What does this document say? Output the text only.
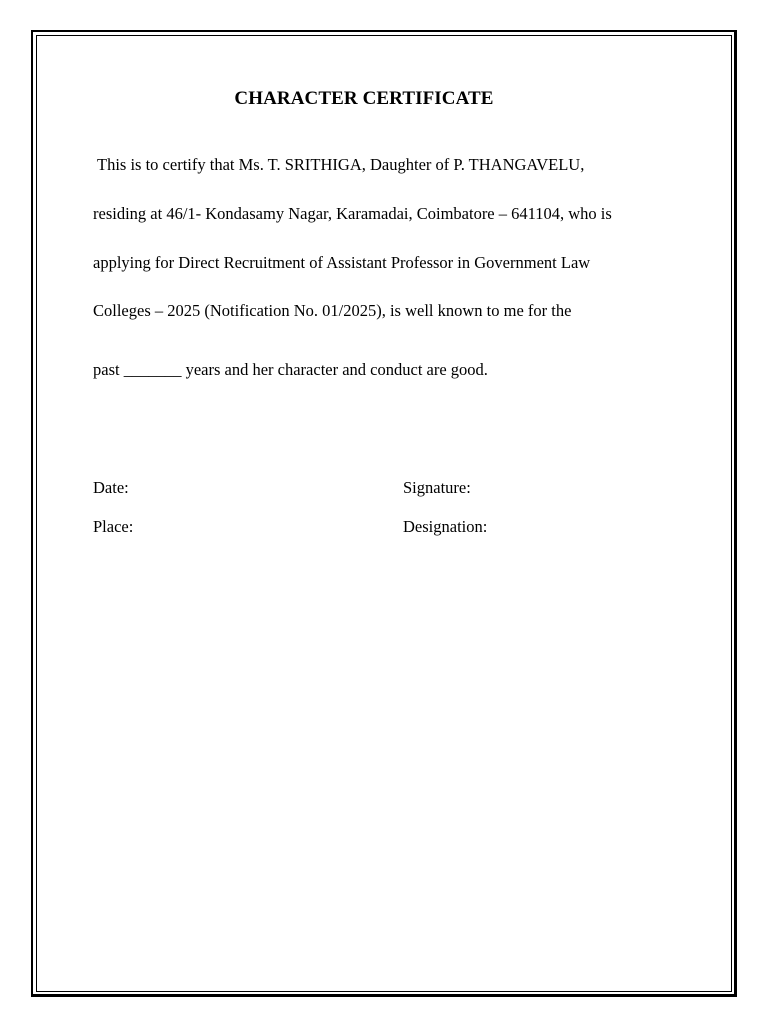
CHARACTER CERTIFICATE
This is to certify that Ms. T. SRITHIGA, Daughter of P. THANGAVELU,
residing at 46/1- Kondasamy Nagar, Karamadai, Coimbatore – 641104, who is
applying for Direct Recruitment of Assistant Professor in Government Law
Colleges – 2025 (Notification No. 01/2025), is well known to me for the
past _______ years and her character and conduct are good.
Date:
Place:
Signature:
Designation:
